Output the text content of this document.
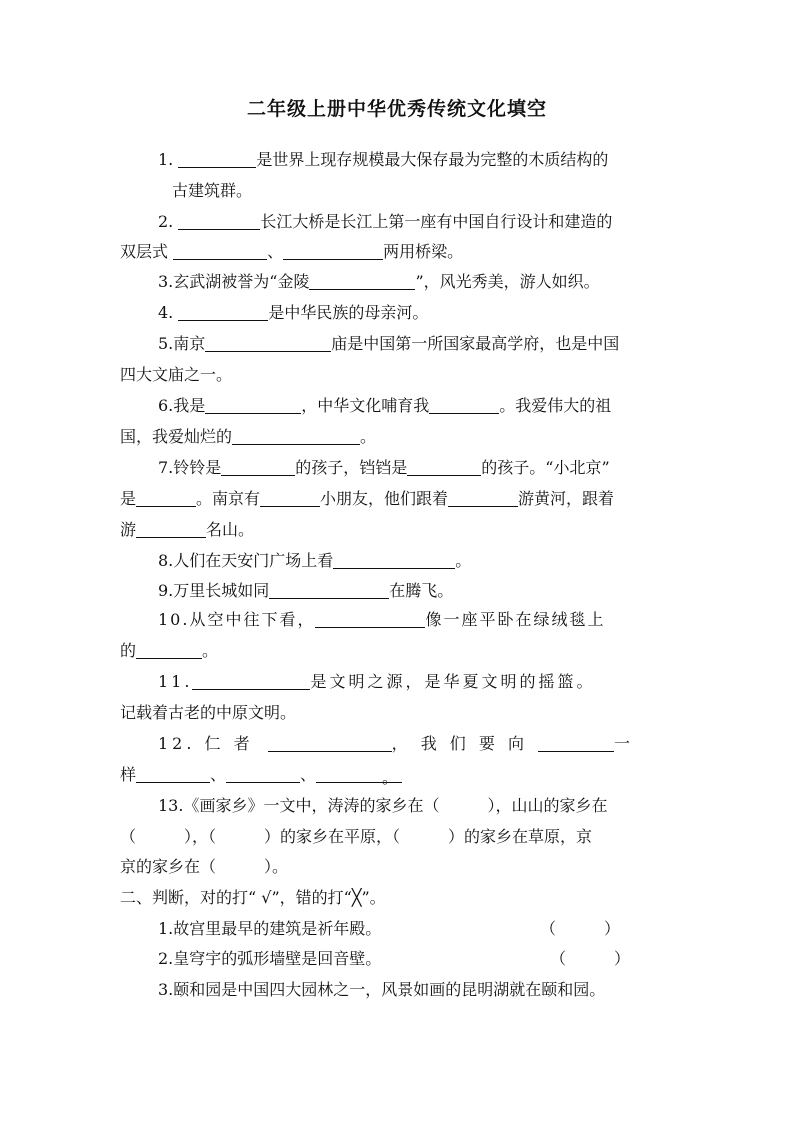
二年级上册中华优秀传统文化填空
1.	是世界上现存规模最大保存最为完整的木质结构的
古建筑群。
2.	长江大桥是长江上第一座有中国自行设计和建造的
双层式	、	两用桥梁。
3.玄武湖被誉为“金陵	”，风光秀美，游人如织。
4.	是中华民族的母亲河。
5.南京	庙是中国第一所国家最高学府，也是中国
四大文庙之一。
6.我是	，中华文化哺育我	。我爱伟大的祖
国，我爱灿烂的	。
7.铃铃是	的孩子，铛铛是	的孩子。“小北京”
是	。南京有	小朋友，他们跟着	游黄河，跟着
游	名山。
8.人们在天安门广场上看	。
9.万里长城如同	在腾飞。
10.从空中往下看，	像一座平卧在绿绒毯上
的	。
11.	是文明之源，是华夏文明的摇篮。
记载着古老的中原文明。
12. 仁 者	， 我 们 要 向	一
样	、	、	。
13.《画家乡》一文中，涛涛的家乡在（　　　），山山的家乡在
（　　　），（　　　）的家乡在平原，（　　　）的家乡在草原，京
京的家乡在（　　　）。
二、判断，对的打“ √”，错的打“╳”。
1.故宫里最早的建筑是祈年殿。	（　　　）
2.皇穹宇的弧形墙壁是回音壁。	（　　　）
3.颐和园是中国四大园林之一，风景如画的昆明湖就在颐和园。
